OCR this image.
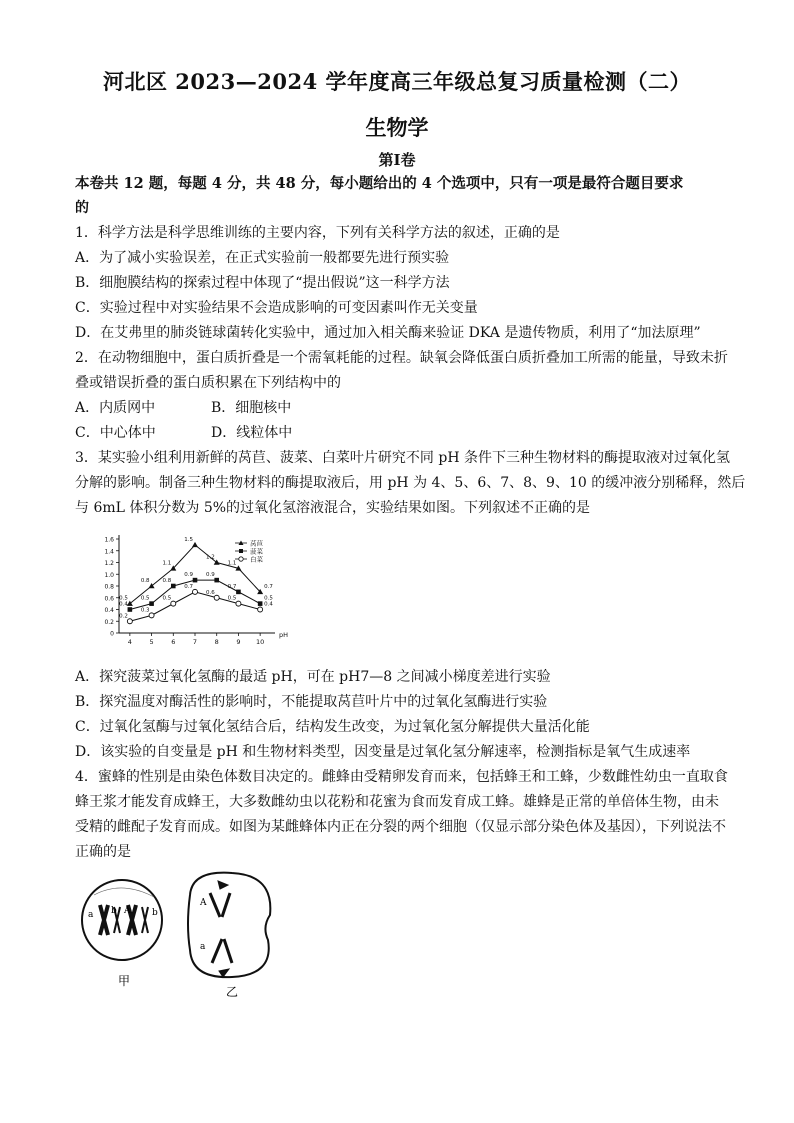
河北区 2023—2024 学年度高三年级总复习质量检测（二）
生物学
第Ⅰ卷
本卷共 12 题，每题 4 分，共 48 分，每小题给出的 4 个选项中，只有一项是最符合题目要求
的
1．科学方法是科学思维训练的主要内容，下列有关科学方法的叙述，正确的是
A．为了减小实验误差，在正式实验前一般都要先进行预实验
B．细胞膜结构的探索过程中体现了“提出假说”这一科学方法
C．实验过程中对实验结果不会造成影响的可变因素叫作无关变量
D．在艾弗里的肺炎链球菌转化实验中，通过加入相关酶来验证 DKA 是遗传物质，利用了“加法原理”
2．在动物细胞中，蛋白质折叠是一个需氧耗能的过程。缺氧会降低蛋白质折叠加工所需的能量，导致未折
叠或错误折叠的蛋白质积累在下列结构中的
A．内质网中	B．细胞核中
C．中心体中	D．线粒体中
3．某实验小组利用新鲜的莴苣、菠菜、白菜叶片研究不同 pH 条件下三种生物材料的酶提取液对过氧化氢
分解的影响。制备三种生物材料的酶提取液后，用 pH 为 4、5、6、7、8、9、10 的缓冲液分别稀释，然后
与 6mL 体积分数为 5%的过氧化氢溶液混合，实验结果如图。下列叙述不正确的是
0
0.2
0.4
0.6
0.8
1.0
1.2
1.4
1.6
4	5	6	7	8	9 10
pH
0.5
0.8
1.1
1.5
1.2
1.1
0.7
莴苣
0.4
0.5
0.8
0.9 0.9
0.7
0.5
菠菜
0.2
0.3
0.5
0.7
0.6
0.5
0.4
白菜
A．探究菠菜过氧化氢酶的最适 pH，可在 pH7—8 之间减小梯度差进行实验
B．探究温度对酶活性的影响时，不能提取莴苣叶片中的过氧化氢酶进行实验
C．过氧化氢酶与过氧化氢结合后，结构发生改变，为过氧化氢分解提供大量活化能
D．该实验的自变量是 pH 和生物材料类型，因变量是过氧化氢分解速率，检测指标是氧气生成速率
4．蜜蜂的性别是由染色体数目决定的。雌蜂由受精卵发育而来，包括蜂王和工蜂，少数雌性幼虫一直取食
蜂王浆才能发育成蜂王，大多数雌幼虫以花粉和花蜜为食而发育成工蜂。雄蜂是正常的单倍体生物，由未
受精的雌配子发育而成。如图为某雌蜂体内正在分裂的两个细胞（仅显示部分染色体及基因），下列说法不
正确的是
a b A b
甲
A
a
乙
